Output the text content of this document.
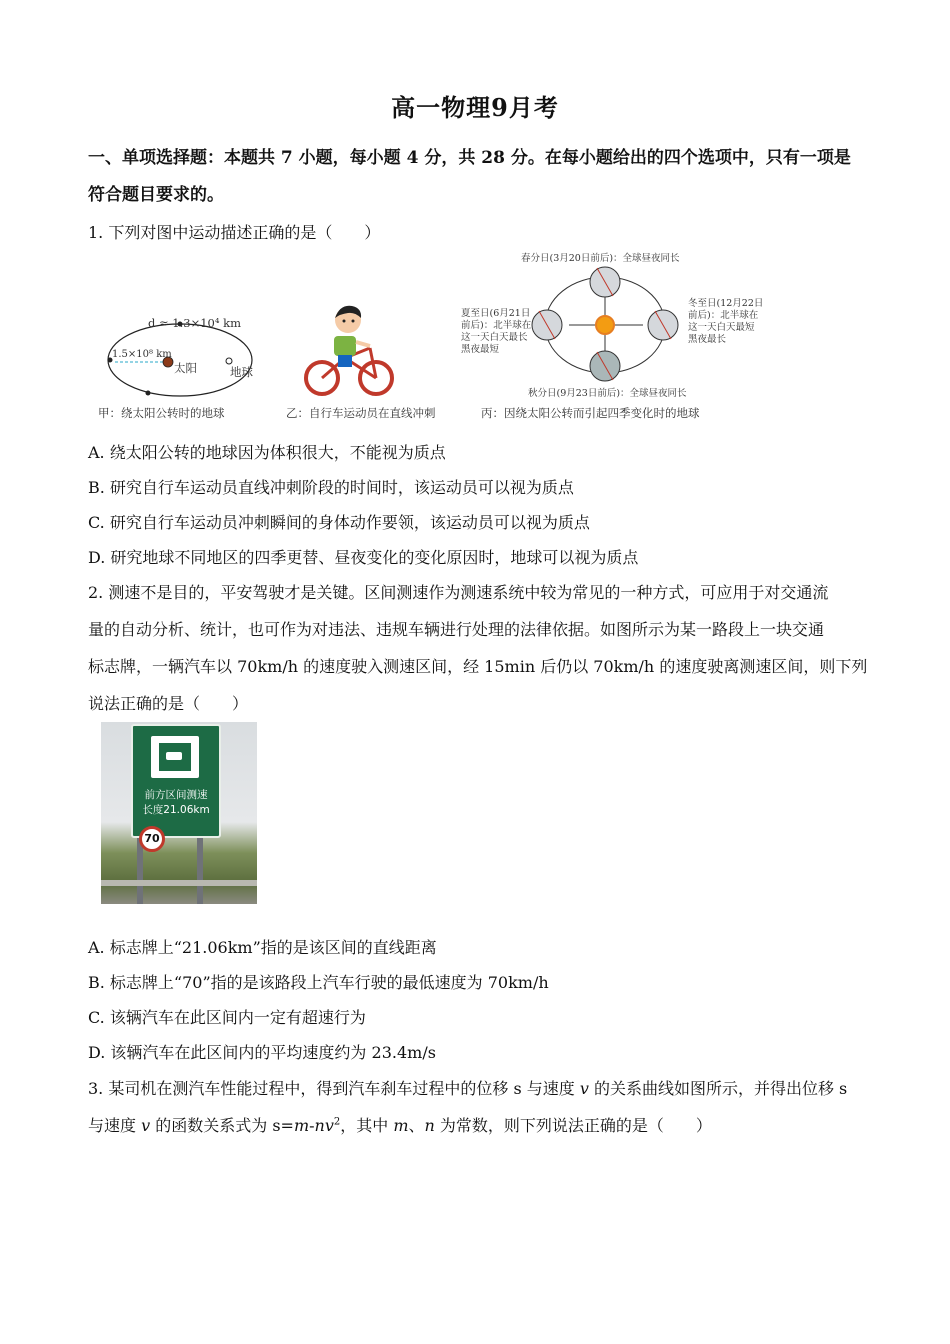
高一物理9月考
一、单项选择题：本题共 7 小题，每小题 4 分，共 28 分。在每小题给出的四个选项中，只有一项是符合题目要求的。
1. 下列对图中运动描述正确的是（　　）
d ≈ 1.3×10⁴ km
1.5×10⁸ km
太阳	地球
甲：绕太阳公转时的地球	乙：自行车运动员在直线冲刺
春分日(3月20日前后)：全球昼夜同长
夏至日(6月21日
前后)：北半球在
这一天白天最长
黑夜最短
冬至日(12月22日
前后)：北半球在
这一天白天最短
黑夜最长
秋分日(9月23日前后)：全球昼夜同长
丙：因绕太阳公转而引起四季变化时的地球
A. 绕太阳公转的地球因为体积很大，不能视为质点
B. 研究自行车运动员直线冲刺阶段的时间时，该运动员可以视为质点
C. 研究自行车运动员冲刺瞬间的身体动作要领，该运动员可以视为质点
D. 研究地球不同地区的四季更替、昼夜变化的变化原因时，地球可以视为质点
2. 测速不是目的，平安驾驶才是关键。区间测速作为测速系统中较为常见的一种方式，可应用于对交通流
量的自动分析、统计，也可作为对违法、违规车辆进行处理的法律依据。如图所示为某一路段上一块交通
标志牌，一辆汽车以 70km/h 的速度驶入测速区间，经 15min 后仍以 70km/h 的速度驶离测速区间，则下列
说法正确的是（　　）
前方区间测速
长度21.06km
70
A. 标志牌上“21.06km”指的是该区间的直线距离
B. 标志牌上“70”指的是该路段上汽车行驶的最低速度为 70km/h
C. 该辆汽车在此区间内一定有超速行为
D. 该辆汽车在此区间内的平均速度约为 23.4m/s
3. 某司机在测汽车性能过程中，得到汽车刹车过程中的位移 s 与速度 v 的关系曲线如图所示，并得出位移 s
与速度 v 的函数关系式为 $s=m-nv^2$，其中 m、n 为常数，则下列说法正确的是（　　）
